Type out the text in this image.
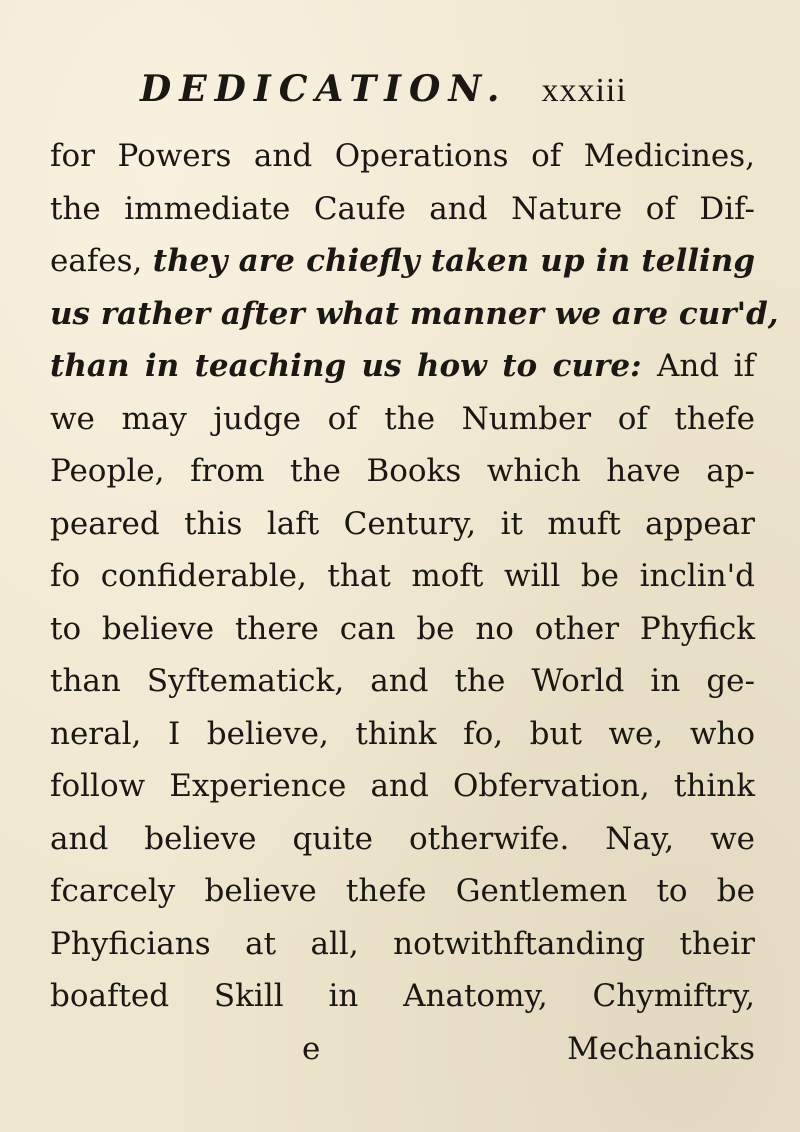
DEDICATION. xxxiii
for Powers and Operations of Medicines,
the immediate Caufe and Nature of Dif-
eafes, they are chiefly taken up in telling
us rather after what manner we are cur'd,
than in teaching us how to cure: And if
we may judge of the Number of thefe
People, from the Books which have ap-
peared this laft Century, it muft appear
fo confiderable, that moft will be inclin'd
to believe there can be no other Phyfick
than Syftematick, and the World in ge-
neral, I believe, think fo, but we, who
follow Experience and Obfervation, think
and believe quite otherwife. Nay, we
fcarcely believe thefe Gentlemen to be
Phyficians at all, notwithftanding their
boafted Skill in Anatomy, Chymiftry,
e	Mechanicks
